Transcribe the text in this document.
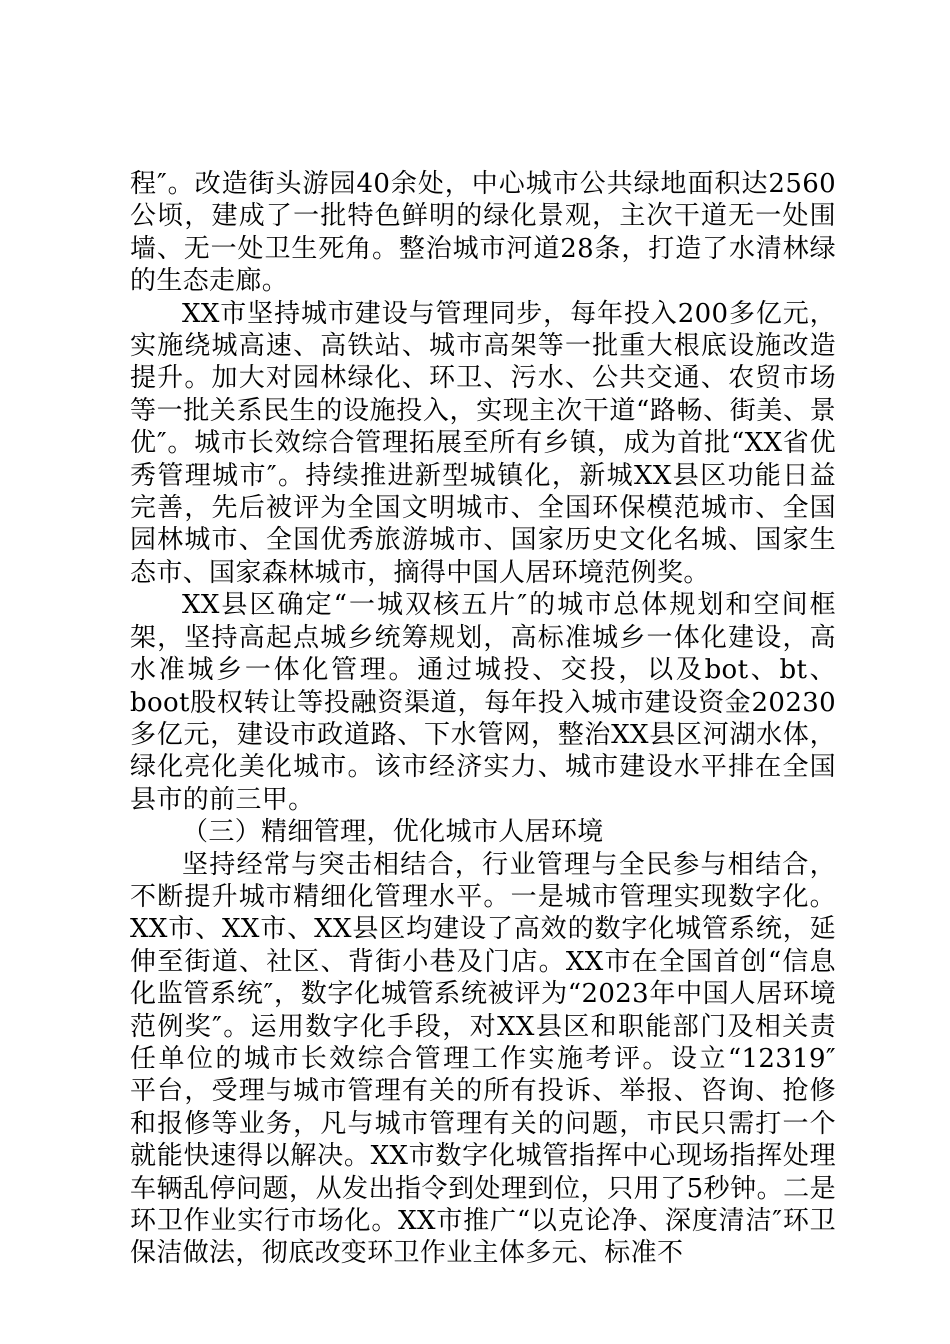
程″。改造街头游园40余处，中心城市公共绿地面积达2560公顷，建成了一批特色鲜明的绿化景观，主次干道无一处围墙、无一处卫生死角。整治城市河道28条，打造了水清林绿的生态走廊。

XX市坚持城市建设与管理同步，每年投入200多亿元，实施绕城高速、高铁站、城市高架等一批重大根底设施改造提升。加大对园林绿化、环卫、污水、公共交通、农贸市场等一批关系民生的设施投入，实现主次干道“路畅、街美、景优″。城市长效综合管理拓展至所有乡镇，成为首批“XX省优秀管理城市″。持续推进新型城镇化，新城XX县区功能日益完善，先后被评为全国文明城市、全国环保模范城市、全国园林城市、全国优秀旅游城市、国家历史文化名城、国家生态市、国家森林城市，摘得中国人居环境范例奖。

XX县区确定“一城双核五片″的城市总体规划和空间框架，坚持高起点城乡统筹规划，高标准城乡一体化建设，高水准城乡一体化管理。通过城投、交投，以及bot、bt、boot股权转让等投融资渠道，每年投入城市建设资金20230多亿元，建设市政道路、下水管网，整治XX县区河湖水体，绿化亮化美化城市。该市经济实力、城市建设水平排在全国县市的前三甲。

（三）精细管理，优化城市人居环境

坚持经常与突击相结合，行业管理与全民参与相结合，不断提升城市精细化管理水平。一是城市管理实现数字化。XX市、XX市、XX县区均建设了高效的数字化城管系统，延伸至街道、社区、背街小巷及门店。XX市在全国首创“信息化监管系统″，数字化城管系统被评为“2023年中国人居环境范例奖″。运用数字化手段，对XX县区和职能部门及相关责任单位的城市长效综合管理工作实施考评。设立“12319″　　平台，受理与城市管理有关的所有投诉、举报、咨询、抢修和报修等业务，凡与城市管理有关的问题，市民只需打一个　　就能快速得以解决。XX市数字化城管指挥中心现场指挥处理车辆乱停问题，从发出指令到处理到位，只用了5秒钟。二是环卫作业实行市场化。XX市推广“以克论净、深度清洁″环卫保洁做法，彻底改变环卫作业主体多元、标准不
